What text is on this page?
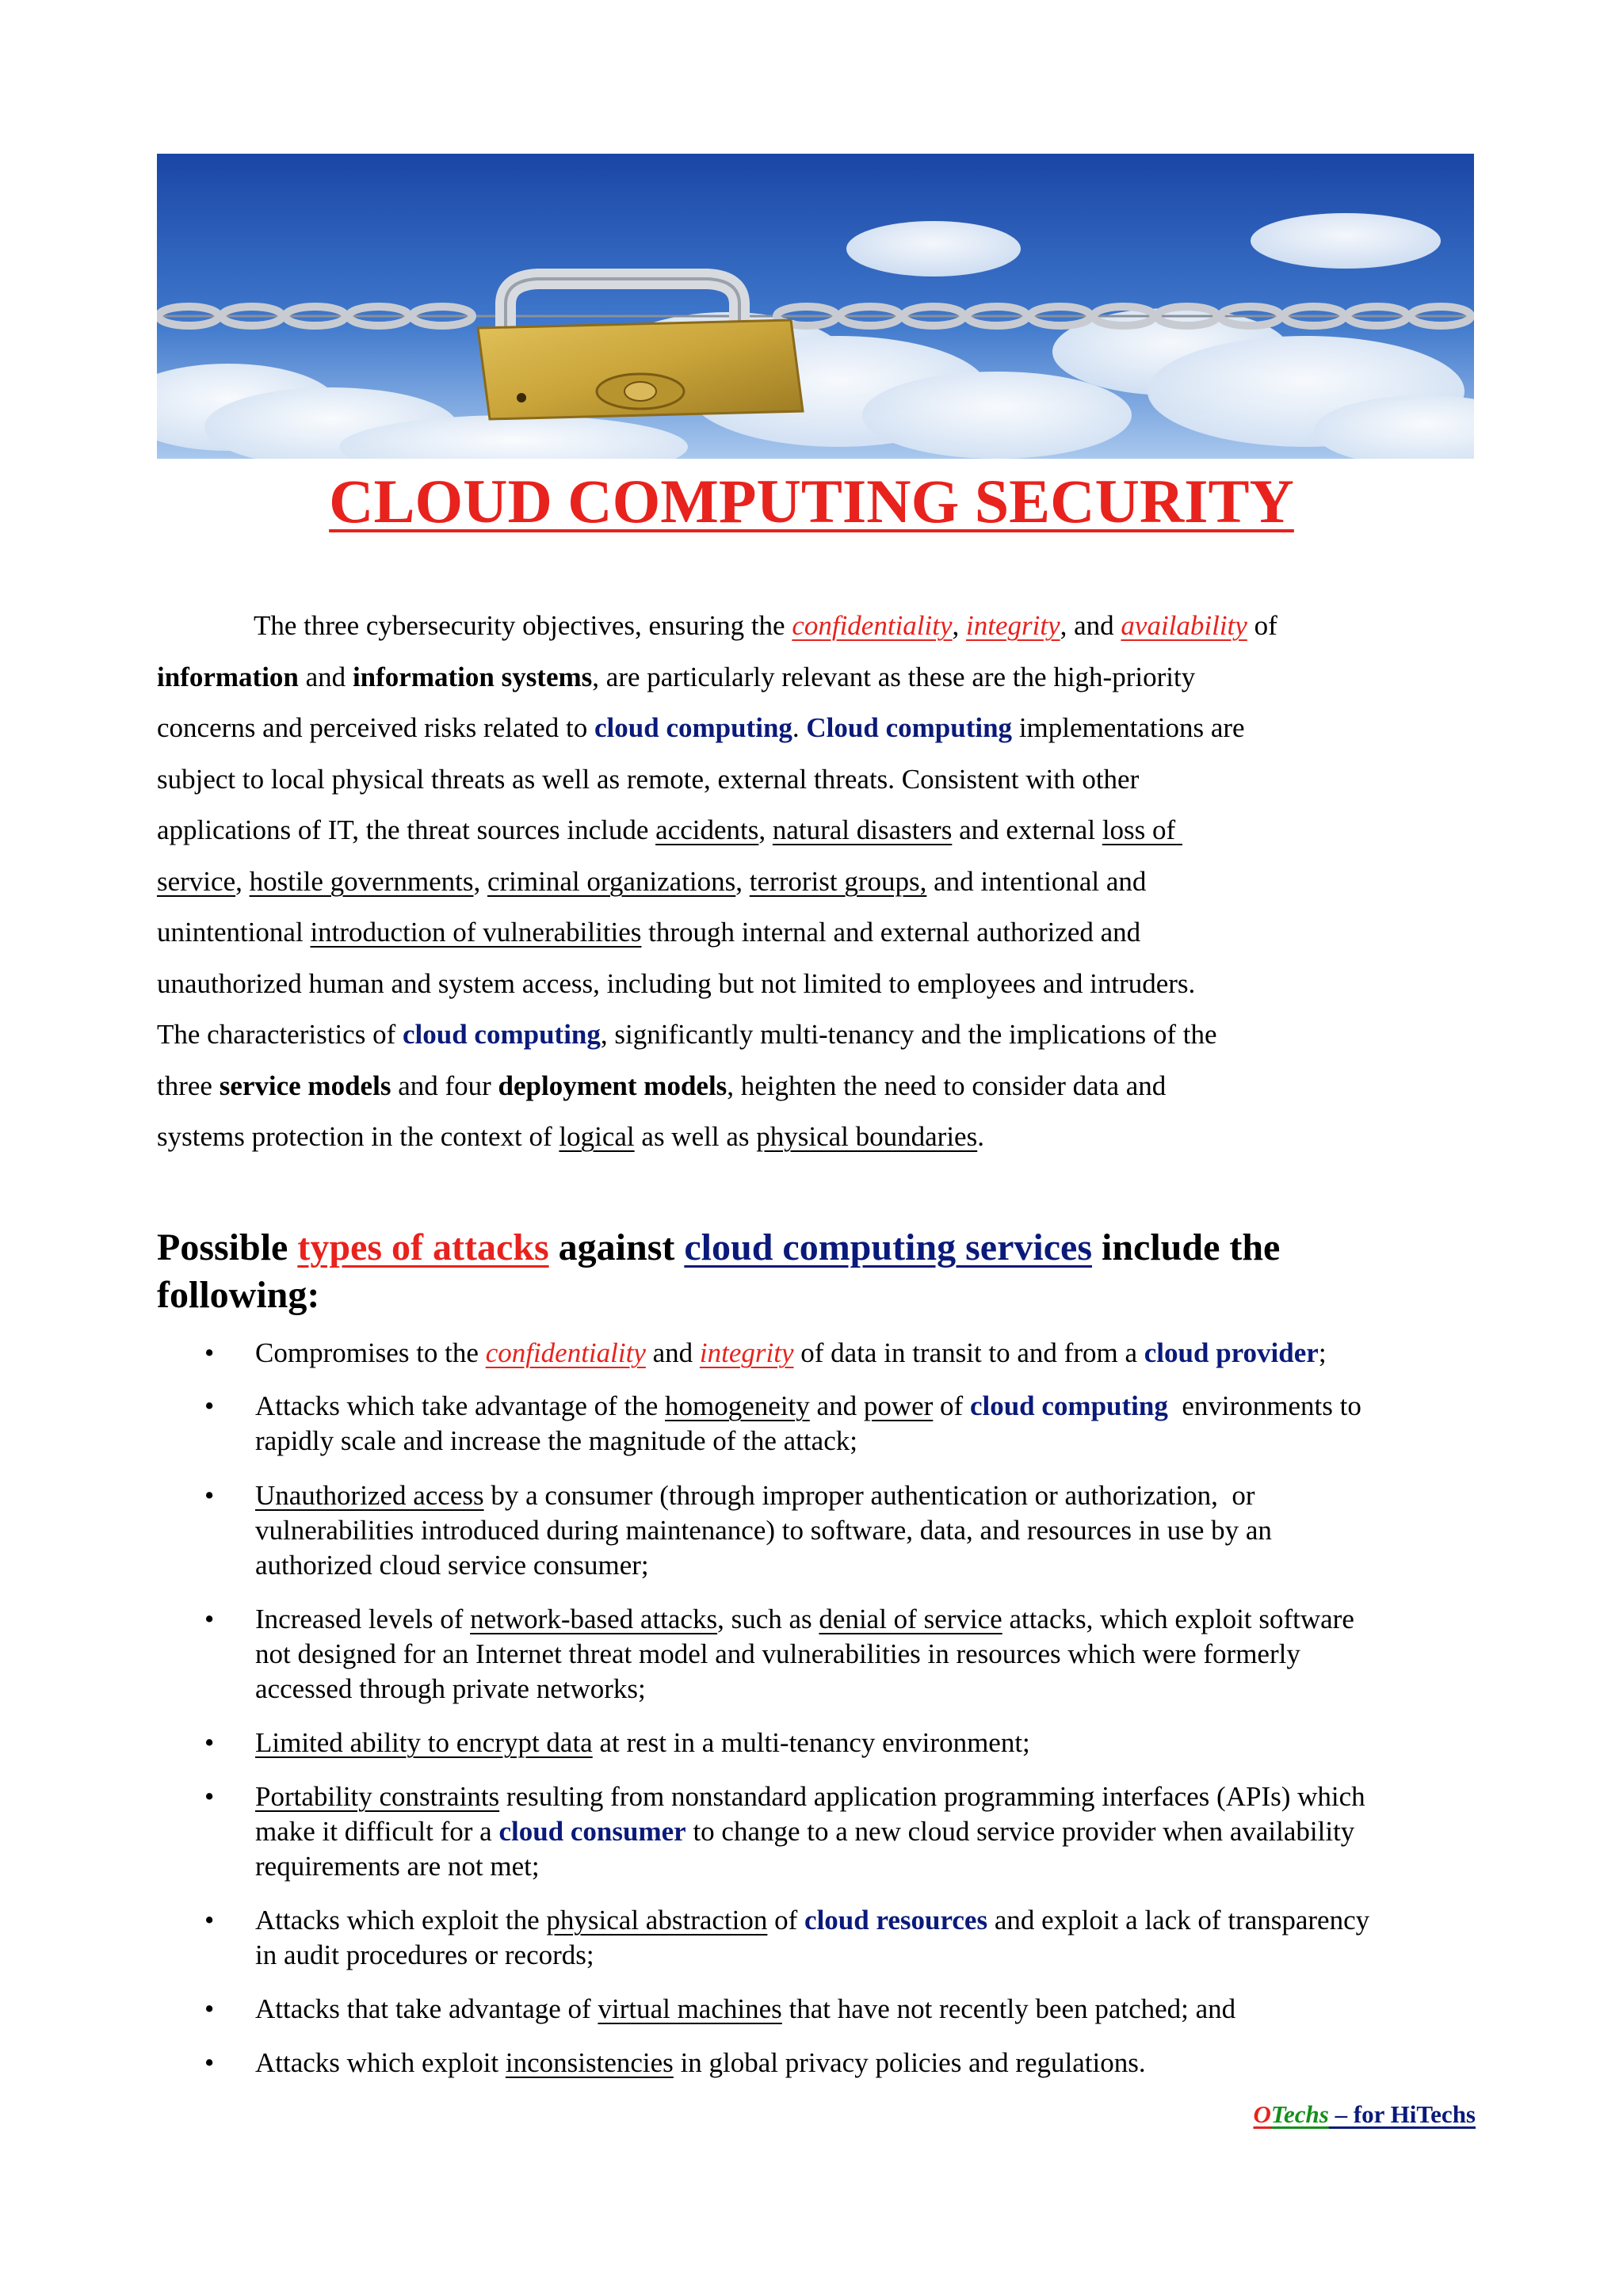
CLOUD COMPUTING SECURITY
The three cybersecurity objectives, ensuring the confidentiality, integrity, and availability of
information and information systems, are particularly relevant as these are the high-priority
concerns and perceived risks related to cloud computing. Cloud computing implementations are
subject to local physical threats as well as remote, external threats. Consistent with other
applications of IT, the threat sources include accidents, natural disasters and external loss of
service, hostile governments, criminal organizations, terrorist groups, and intentional and
unintentional introduction of vulnerabilities through internal and external authorized and
unauthorized human and system access, including but not limited to employees and intruders.
The characteristics of cloud computing, significantly multi-tenancy and the implications of the
three service models and four deployment models, heighten the need to consider data and
systems protection in the context of logical as well as physical boundaries.
Possible types of attacks against cloud computing services include the
following:
• Compromises to the confidentiality and integrity of data in transit to and from a cloud provider;
• Attacks which take advantage of the homogeneity and power of cloud computing  environments to
rapidly scale and increase the magnitude of the attack;
• Unauthorized access by a consumer (through improper authentication or authorization,  or
vulnerabilities introduced during maintenance) to software, data, and resources in use by an
authorized cloud service consumer;
• Increased levels of network-based attacks, such as denial of service attacks, which exploit software
not designed for an Internet threat model and vulnerabilities in resources which were formerly
accessed through private networks;
• Limited ability to encrypt data at rest in a multi-tenancy environment;
• Portability constraints resulting from nonstandard application programming interfaces (APIs) which
make it difficult for a cloud consumer to change to a new cloud service provider when availability
requirements are not met;
• Attacks which exploit the physical abstraction of cloud resources and exploit a lack of transparency
in audit procedures or records;
• Attacks that take advantage of virtual machines that have not recently been patched; and
• Attacks which exploit inconsistencies in global privacy policies and regulations.
OTechs – for HiTechs
